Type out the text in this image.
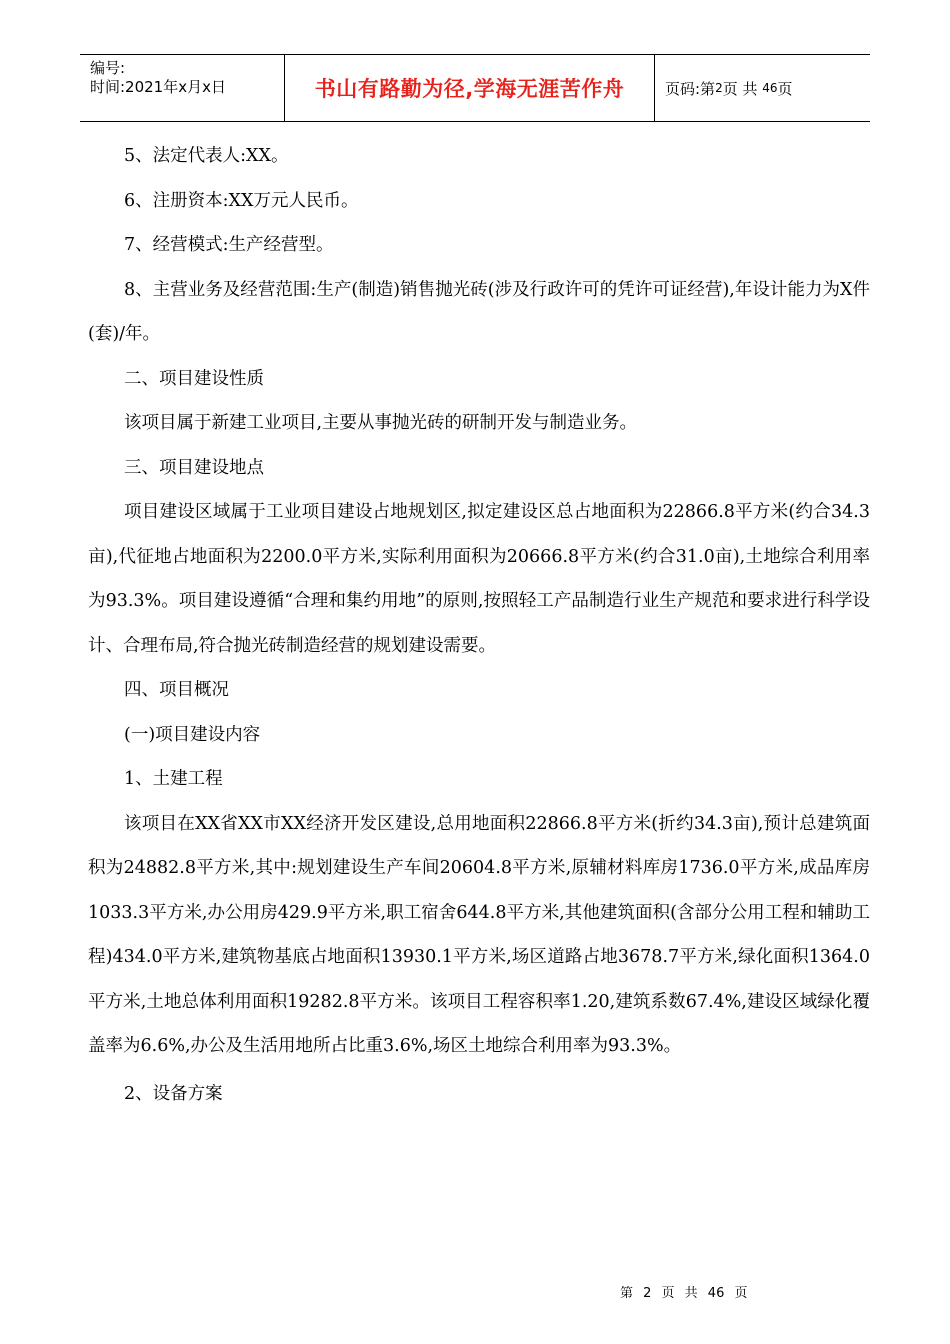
编号:
时间:2021年x月x日	书山有路勤为径,学海无涯苦作舟	页码:第 2 页 共
46 页

5、法定代表人:XX。

6、注册资本:XX万元人民币。

7、经营模式:生产经营型。

8、主营业务及经营范围:生产(制造)销售抛光砖(涉及行政许可的凭许可证经营),年设计能力为X件(套)/年。

二、项目建设性质

该项目属于新建工业项目,主要从事抛光砖的研制开发与制造业务。

三、项目建设地点

项目建设区域属于工业项目建设占地规划区,拟定建设区总占地面积为22866.8平方米(约合34.3亩),代征地占地面积为2200.0平方米,实际利用面积为20666.8平方米(约合31.0亩),土地综合利用率为93.3%。项目建设遵循“合理和集约用地”的原则,按照轻工产品制造行业生产规范和要求进行科学设计、合理布局,符合抛光砖制造经营的规划建设需要。

四、项目概况

(一)项目建设内容

1、土建工程

该项目在XX省XX市XX经济开发区建设,总用地面积22866.8平方米(折约34.3亩),预计总建筑面积为24882.8平方米,其中:规划建设生产车间20604.8平方米,原辅材料库房1736.0平方米,成品库房1033.3平方米,办公用房429.9平方米,职工宿舍644.8平方米,其他建筑面积(含部分公用工程和辅助工程)434.0平方米,建筑物基底占地面积13930.1平方米,场区道路占地3678.7平方米,绿化面积1364.0平方米,土地总体利用面积19282.8平方米。该项目工程容积率1.20,建筑系数67.4%,建设区域绿化覆盖率为6.6%,办公及生活用地所占比重3.6%,场区土地综合利用率为93.3%。

2、设备方案

第 2 页 共 46 页
